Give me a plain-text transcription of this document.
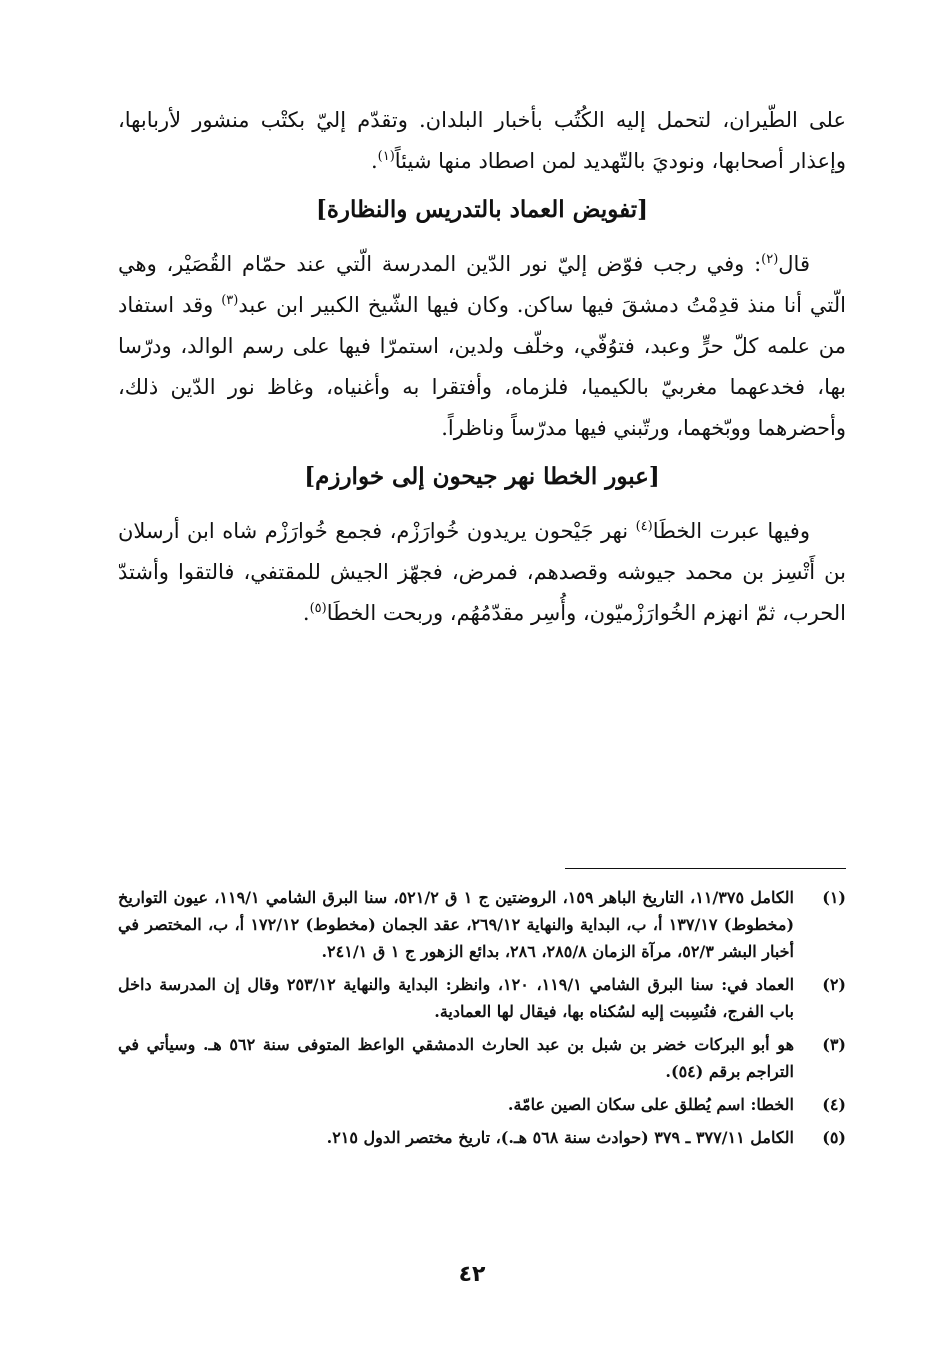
على الطّيران، لتحمل إليه الكُتُب بأخبار البلدان. وتقدّم إليّ بكتْب منشور لأربابها، وإعذار أصحابها، ونوديَ بالتّهديد لمن اصطاد منها شيئاً$^{(١)}$.

[تفويض العماد بالتدريس والنظارة]

قال$^{(٢)}$: وفي رجب فوّض إليّ نور الدّين المدرسة الّتي عند حمّام القُصَيْر، وهي الّتي أنا منذ قدِمْتُ دمشقَ فيها ساكن. وكان فيها الشّيخ الكبير ابن عبد$^{(٣)}$ وقد استفاد من علمه كلّ حرٍّ وعبد، فتوُفّي، وخلّف ولدين، استمرّا فيها على رسم الوالد، ودرّسا بها، فخدعهما مغربيّ بالكيميا، فلزماه، وأفتقرا به وأغنياه، وغاظ نور الدّين ذلك، وأحضرهما ووبّخهما، ورتّبني فيها مدرّساً وناظراً.

[عبور الخطا نهر جيحون إلى خوارزم]

وفيها عبرت الخطَا$^{(٤)}$ نهر جَيْحون يريدون خُوارَزْم، فجمع خُوارَزْم شاه ابن أرسلان بن أَتْسِز بن محمد جيوشه وقصدهم، فمرض، فجهّز الجيش للمقتفي، فالتقوا وأشتدّ الحرب، ثمّ انهزم الخُوارَزْميّون، وأُسِر مقدّمُهُم، وربحت الخطَا$^{(٥)}$.

(١)
الكامل ١١/٣٧٥، التاريخ الباهر ١٥٩، الروضتين ج ١ ق ٥٢١/٢، سنا البرق الشامي ١١٩/١، عيون التواريخ (مخطوط) ١٣٧/١٧ أ، ب، البداية والنهاية ٢٦٩/١٢، عقد الجمان (مخطوط) ١٧٢/١٢ أ، ب، المختصر في أخبار البشر ٥٢/٣، مرآة الزمان ٢٨٥/٨، ٢٨٦، بدائع الزهور ج ١ ق ٢٤١/١.
(٢)
العماد في: سنا البرق الشامي ١١٩/١، ١٢٠، وانظر: البداية والنهاية ٢٥٣/١٢ وقال إن المدرسة داخل باب الفرج، فنُسِبت إليه لسُكناه بها، فيقال لها العمادية.
(٣)
هو أبو البركات خضر بن شبل بن عبد الحارث الدمشقي الواعظ المتوفى سنة ٥٦٢ هـ. وسيأتي في التراجم برقم (٥٤).
(٤)
الخطا: اسم يُطلق على سكان الصين عامّة.
(٥)
الكامل ٣٧٧/١١ ـ ٣٧٩ (حوادث سنة ٥٦٨ هـ.)، تاريخ مختصر الدول ٢١٥.
٤٢
